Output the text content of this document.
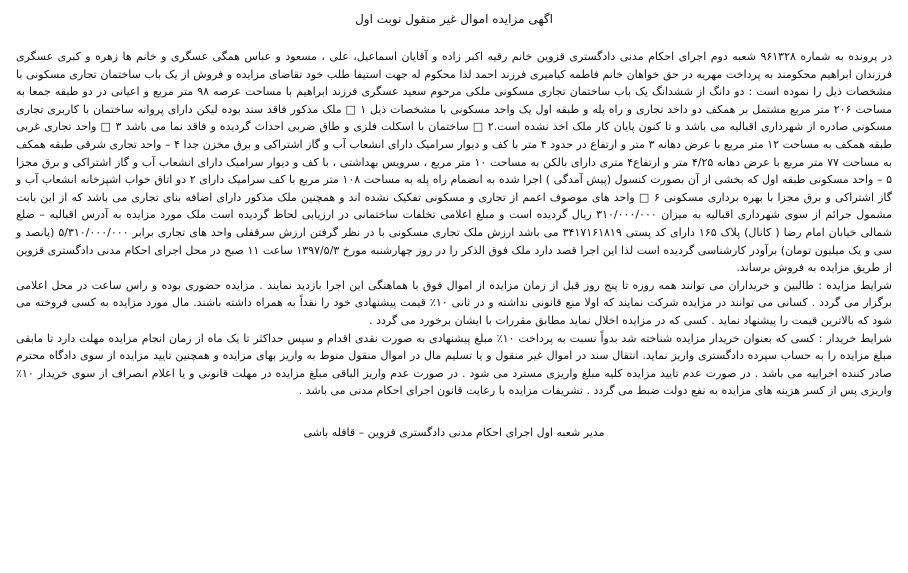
اگهی مزایده اموال غیر منقول نوبت اول

در پرونده به شماره ۹۶۱۳۲۸ شعبه دوم اجرای احکام مدنی دادگستری قزوین خانم رقیه اکبر زاده و آقایان اسماعیل، علی ، مسعود و عباس همگی عسگری و خانم ها زهره و کبری عسگری فرزندان ابراهیم محکومند به پرداخت مهریه در حق خواهان خانم فاطمه کیامیری فرزند احمد لذا محکوم له جهت استیفا طلب خود تقاضای مزایده و فروش از یک باب ساختمان تجاری مسکونی با مشخصات ذیل را نموده است : دو دانگ از ششدانگ یک باب ساختمان تجاری مسکونی ملکی مرحوم سعید عسگری فرزند ابراهیم با مساحت عرصه ۹۸ متر مربع و اعیانی در دو طبقه جمعا به مساحت ۲۰۶ متر مربع مشتمل بر همکف دو داخد تجاری و راه پله و طبقه اول یک واحد مسکونی با مشخصات ذیل ۱ □ ملک مذکور فاقد سند بوده لیکن دارای پروانه ساختمان با کاربری تجاری مسکونی صادره از شهرداری اقبالیه می باشد و تا کنون پایان کار ملک اخذ نشده است.۲ □ ساختمان با اسکلت فلزی و طاق ضربی احداث گردیده و فاقد نما می باشد ۳ □ واحد تجاری غربی طبقه همکف به مساحت ۱۲ متر مربع با عرض دهانه ۳ متر و ارتفاع در حدود ۴ متر با کف و دیوار سرامیک دارای انشعاب آب و گاز اشتراکی و برق مخزن جدا ۴ – واحد تجاری شرقی طبقه همکف به مساحت ۷۷ متر مربع با عرض دهانه ۴/۲۵ متر و ارتفاع۴ متری دارای بالکن به مساحت ۱۰ متر مربع ، سرویس بهداشتی ، با کف و دیوار سرامیک دارای انشعاب آب و گاز اشتراکی و برق مجزا ۵ – واحد مسکونی طبقه اول که بخشی از آن بصورت کنسول (پیش آمدگی ) اجرا شده به انضمام راه پله به مساحت ۱۰۸ متر مربع با کف سرامیک دارای ۲ دو اتاق خواب اشپزخانه انشعاب آب و گاز اشتراکی و برق مجزا با بهره برداری مسکونی ۶ □ واحد های موصوف اعمم از تجاری و مسکونی تفکیک نشده اند و همچنین ملک مذکور دارای اضافه بنای تجاری می باشد که از این بابت مشمول جرائم از سوی شهرداری اقبالیه به میزان ۳۱۰/۰۰۰/۰۰۰ ریال گردیده است و مبلغ اعلامی تخلفات ساختمانی در ارزیابی لحاظ گردیده است ملک مورد مزایده به آدرس اقبالیه – ضلع شمالی خیابان امام رضا ( کانال) پلاک ۱۶۵ دارای کد پستی ۳۴۱۷۱۶۱۸۱۹ می باشد ارزش ملک تجاری مسکونی با در نظر گرفتن ارزش سرقفلی واحد های تجاری برابر ۵/۳۱۰/۰۰۰/۰۰۰ (پانصد و سی و یک میلیون تومان) برآودر کارشناسی گردیده است لذا این اجرا قصد دارد ملک فوق الذکر را در روز چهارشنبه مورخ ۱۳۹۷/۵/۳ ساعت ۱۱ صبح در محل اجرای احکام مدنی دادگستری قزوین از طریق مزایده به فروش برساند.

شرایط مزایده : طالبین و خریداران می توانند همه روزه تا پنج روز قبل از زمان مزایده از اموال فوق با هماهنگی این اجرا بازدید نمایند . مزایده حضوری بوده و راس ساعت در محل اعلامی برگزار می گردد . کسانی می توانند در مزایده شرکت نمایند که اولا منع قانونی نداشته و در ثانی ۱۰٪ قیمت پیشنهادی خود را نقداً به همراه داشته باشند. مال مورد مزایده به کسی فروخته می شود که بالاترین قیمت را پیشنهاد نماید . کسی که در مزایده اخلال نماید مطابق مقررات با ایشان برخورد می گردد .

شرایط خریدار : کسی که بعنوان خریدار مزایده شناخته شد بدواً نسبت به پرداخت ۱۰٪ مبلغ پیشنهادی به صورت نقدی اقدام و سپس حداکثر تا یک ماه از زمان انجام مزایده مهلت دارد تا مابقی مبلغ مزایده را به حساب سپرده دادگستری واریز نماید. انتقال سند در اموال غیر منقول و یا تسلیم مال در اموال منقول منوط به واریز بهای مزایده و همچنین تایید مزایده از سوی دادگاه محترم صادر کننده اجراییه می باشد . در صورت عدم تایید مزایده کلیه مبلغ واریزی مسترد می شود . در صورت عدم واریز الباقی مبلغ مزایده در مهلت قانونی و یا اعلام انصراف از سوی خریدار ۱۰٪ واریزی پس از کسر هزینه های مزایده به نفع دولت ضبط می گردد . تشریفات مزایده با رعایت قانون اجرای احکام مدنی می باشد .

مدیر شعبه اول اجرای احکام مدنی دادگستری قزوین – قافله باشی
